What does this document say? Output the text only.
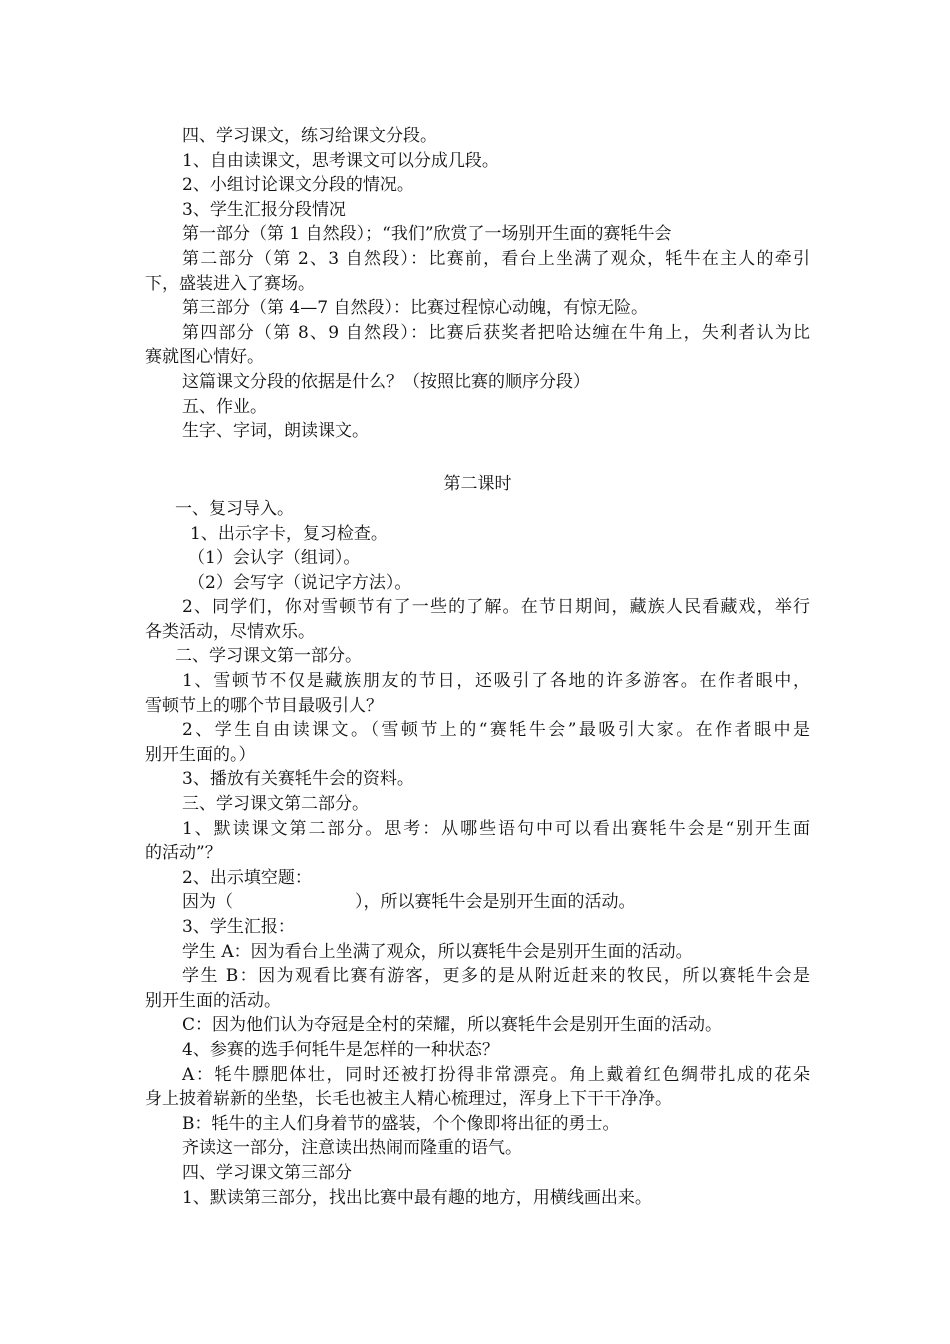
四、学习课文，练习给课文分段。
1、自由读课文，思考课文可以分成几段。
2、小组讨论课文分段的情况。
3、学生汇报分段情况
第一部分（第 1 自然段）；“我们”欣赏了一场别开生面的赛牦牛会
第二部分（第 2、3 自然段）：比赛前，看台上坐满了观众，牦牛在主人的牵引
下，盛装进入了赛场。
第三部分（第 4—7 自然段）：比赛过程惊心动魄，有惊无险。
第四部分（第 8、9 自然段）：比赛后获奖者把哈达缠在牛角上，失利者认为比
赛就图心情好。
这篇课文分段的依据是什么？（按照比赛的顺序分段）
五、作业。
生字、字词，朗读课文。
第二课时
一、复习导入。
1、出示字卡，复习检查。
（1）会认字（组词）。
（2）会写字（说记字方法）。
2、同学们，你对雪顿节有了一些的了解。在节日期间，藏族人民看藏戏，举行
各类活动，尽情欢乐。
二、学习课文第一部分。
1、雪顿节不仅是藏族朋友的节日，还吸引了各地的许多游客。在作者眼中，
雪顿节上的哪个节目最吸引人？
2、学生自由读课文。（雪顿节上的“赛牦牛会”最吸引大家。在作者眼中是
别开生面的。）
3、播放有关赛牦牛会的资料。
三、学习课文第二部分。
1、默读课文第二部分。思考：从哪些语句中可以看出赛牦牛会是“别开生面
的活动”？
2、出示填空题：
因为（	），所以赛牦牛会是别开生面的活动。
3、学生汇报：
学生 A：因为看台上坐满了观众，所以赛牦牛会是别开生面的活动。
学生 B：因为观看比赛有游客，更多的是从附近赶来的牧民，所以赛牦牛会是
别开生面的活动。
C：因为他们认为夺冠是全村的荣耀，所以赛牦牛会是别开生面的活动。
4、参赛的选手何牦牛是怎样的一种状态？
A：牦牛膘肥体壮，同时还被打扮得非常漂亮。角上戴着红色绸带扎成的花朵
身上披着崭新的坐垫，长毛也被主人精心梳理过，浑身上下干干净净。
B：牦牛的主人们身着节的盛装，个个像即将出征的勇士。
齐读这一部分，注意读出热闹而隆重的语气。
四、学习课文第三部分
1、默读第三部分，找出比赛中最有趣的地方，用横线画出来。
